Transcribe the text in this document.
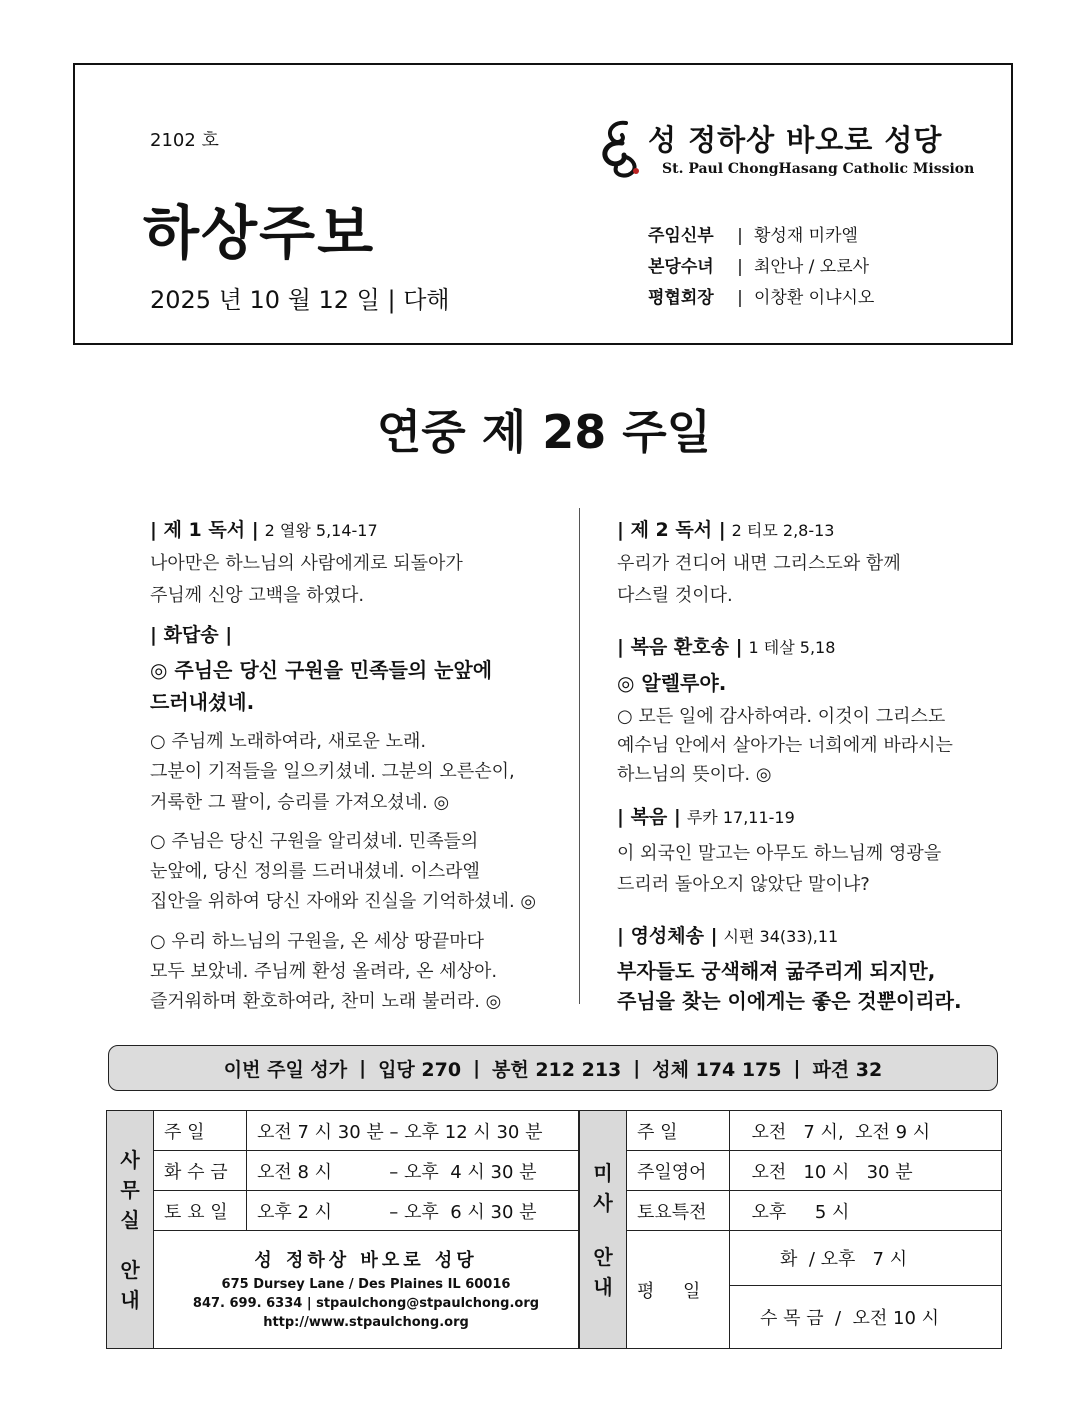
2102 호
하상주보
2025 년 10 월 12 일 | 다해
성 정하상 바오로 성당
St. Paul ChongHasang Catholic Mission
주임신부 | 황성재 미카엘
본당수녀 | 최안나 / 오로사
평협회장 | 이창환 이냐시오
연중 제 28 주일
| 제 1 독서 | 2 열왕 5,14-17
나아만은 하느님의 사람에게로 되돌아가
주님께 신앙 고백을 하였다.
| 화답송 |
◎ 주님은 당신 구원을 민족들의 눈앞에
드러내셨네.
○ 주님께 노래하여라, 새로운 노래.
그분이 기적들을 일으키셨네. 그분의 오른손이,
거룩한 그 팔이, 승리를 가져오셨네. ◎
○ 주님은 당신 구원을 알리셨네. 민족들의
눈앞에, 당신 정의를 드러내셨네. 이스라엘
집안을 위하여 당신 자애와 진실을 기억하셨네. ◎
○ 우리 하느님의 구원을, 온 세상 땅끝마다
모두 보았네. 주님께 환성 올려라, 온 세상아.
즐거워하며 환호하여라, 찬미 노래 불러라. ◎
| 제 2 독서 | 2 티모 2,8-13
우리가 견디어 내면 그리스도와 함께
다스릴 것이다.
| 복음 환호송 | 1 테살 5,18
◎ 알렐루야.
○ 모든 일에 감사하여라. 이것이 그리스도
예수님 안에서 살아가는 너희에게 바라시는
하느님의 뜻이다. ◎
| 복음 | 루카 17,11-19
이 외국인 말고는 아무도 하느님께 영광을
드리러 돌아오지 않았단 말이냐?
| 영성체송 | 시편 34(33),11
부자들도 궁색해져 굶주리게 되지만,
주님을 찾는 이에게는 좋은 것뿐이리라.
이번 주일 성가 | 입당 270 | 봉헌 212 213 | 성체 174 175 | 파견 32
사
무
실
안
내	주 일	오전 7 시 30 분 – 오후 12 시 30 분
	화 수 금	오전 8 시          – 오후  4 시 30 분
	토 요 일	오후 2 시          – 오후  6 시 30 분

	성 정하상 바오로 성당
675 Dursey Lane / Des Plaines IL 60016
847. 699. 6334 | stpaulchong@stpaulchong.org
http://www.stpaulchong.org	
미
사
안
내	주 일	오전   7 시,  오전 9 시
	주일영어	오전   10 시   30 분
	토요특전	오후     5 시
	평     일	화  / 오후   7 시
		수 목 금  /  오전 10 시
